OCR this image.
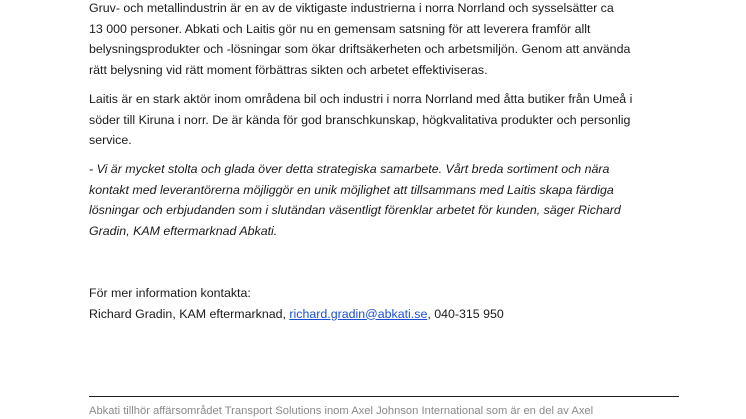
Gruv- och metallindustrin är en av de viktigaste industrierna i norra Norrland och sysselsätter ca
13 000 personer. Abkati och Laitis gör nu en gemensam satsning för att leverera framför allt
belysningsprodukter och -lösningar som ökar driftsäkerheten och arbetsmiljön. Genom att använda
rätt belysning vid rätt moment förbättras sikten och arbetet effektiviseras.

Laitis är en stark aktör inom områdena bil och industri i norra Norrland med åtta butiker från Umeå i
söder till Kiruna i norr. De är kända för god branschkunskap, högkvalitativa produkter och personlig
service.

- Vi är mycket stolta och glada över detta strategiska samarbete. Vårt breda sortiment och nära
kontakt med leverantörerna möjliggör en unik möjlighet att tillsammans med Laitis skapa färdiga
lösningar och erbjudanden som i slutändan väsentligt förenklar arbetet för kunden, säger Richard
Gradin, KAM eftermarknad Abkati.

För mer information kontakta:
Richard Gradin, KAM eftermarknad, richard.gradin@abkati.se, 040-315 950

Abkati tillhör affärsområdet Transport Solutions inom Axel Johnson International som är en del av Axel
